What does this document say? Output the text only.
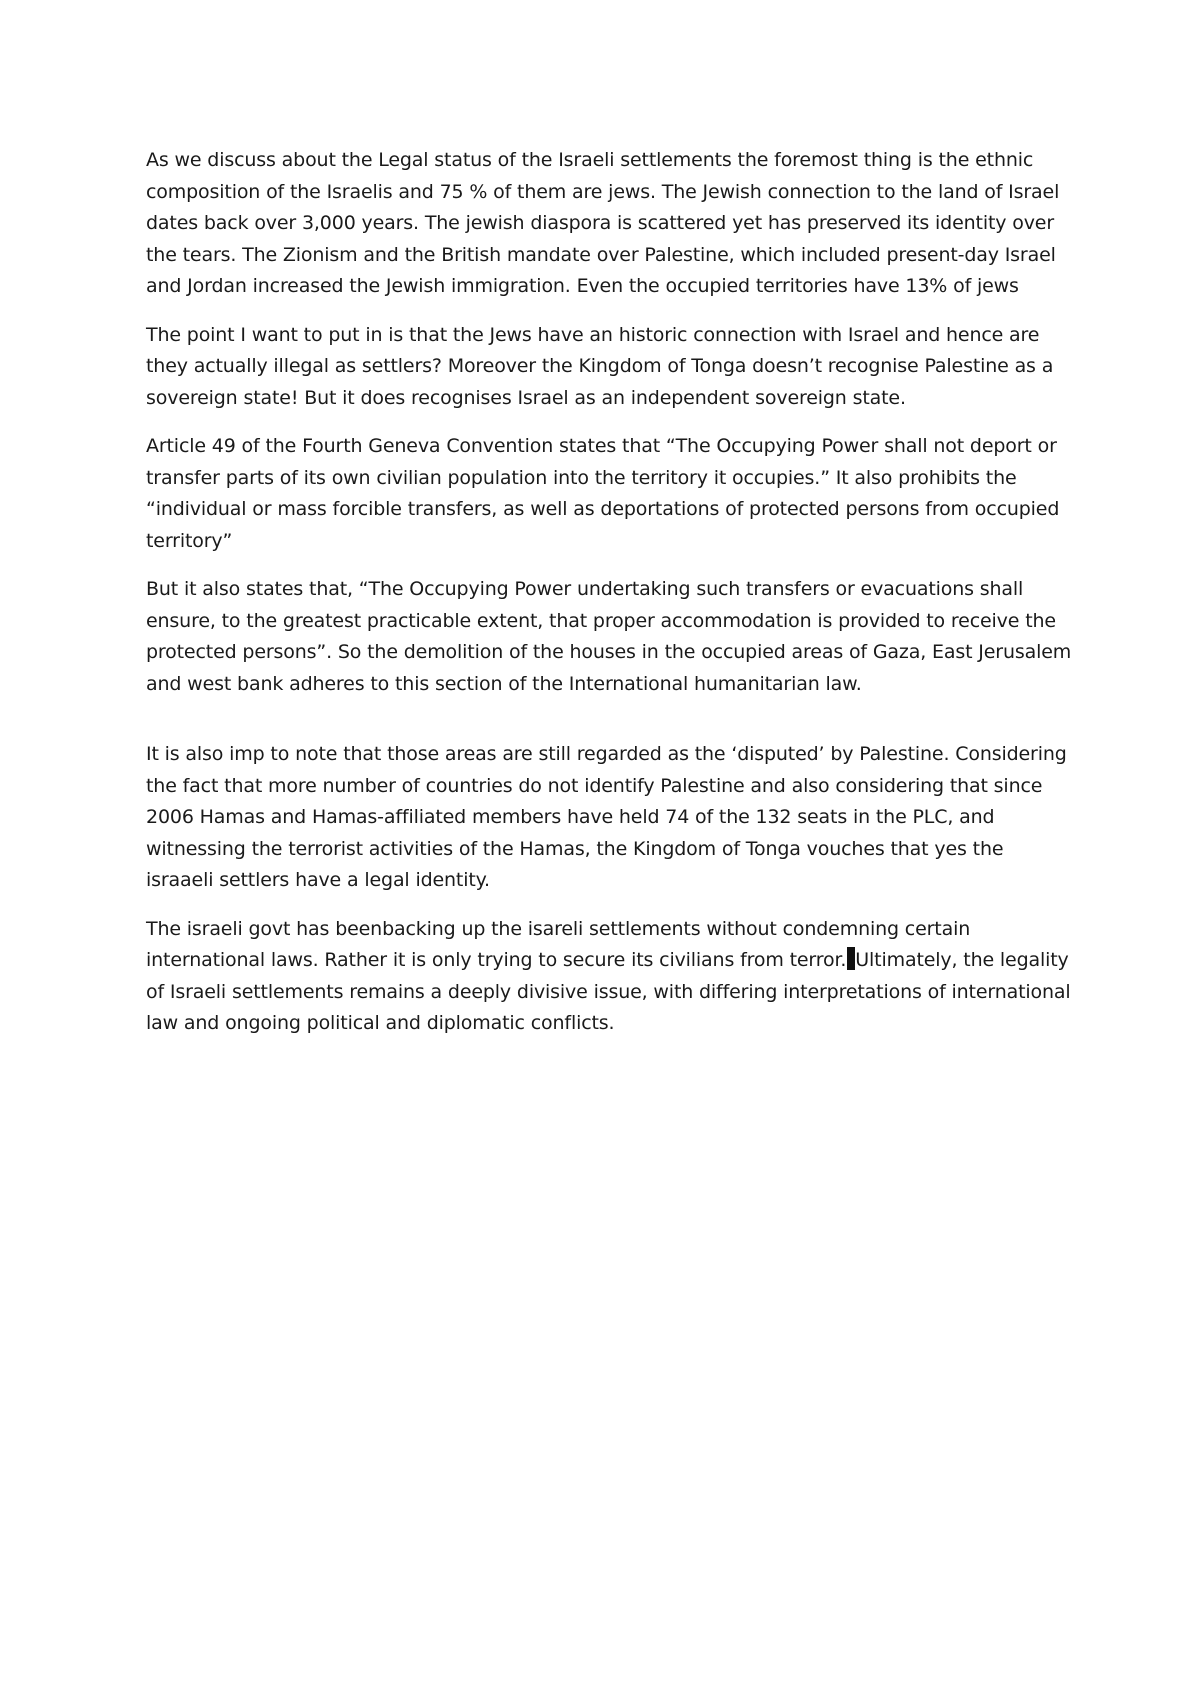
As we discuss about the Legal status of the Israeli settlements the foremost thing is the ethnic composition of the Israelis and 75 % of them are jews. The Jewish connection to the land of Israel dates back over 3,000 years. The jewish diaspora is scattered yet has preserved its identity over the tears. The Zionism and the British mandate over Palestine, which included present-day Israel and Jordan increased the Jewish immigration. Even the occupied territories have 13% of jews

The point I want to put in is that the Jews have an historic connection with Israel and hence are they actually illegal as settlers? Moreover the Kingdom of Tonga doesn’t recognise Palestine as a sovereign state! But it does recognises Israel as an independent sovereign state.

Article 49 of the Fourth Geneva Convention states that “The Occupying Power shall not deport or transfer parts of its own civilian population into the territory it occupies.” It also prohibits the “individual or mass forcible transfers, as well as deportations of protected persons from occupied territory”

But it also states that, “The Occupying Power undertaking such transfers or evacuations shall ensure, to the greatest practicable extent, that proper accommodation is provided to receive the protected persons”. So the demolition of the houses in the occupied areas of Gaza, East Jerusalem and west bank adheres to this section of the International humanitarian law.

It is also imp to note that those areas are still regarded as the ‘disputed’ by Palestine. Considering the fact that more number of countries do not identify Palestine and also considering that since 2006 Hamas and Hamas-affiliated members have held 74 of the 132 seats in the PLC, and witnessing the terrorist activities of the Hamas, the Kingdom of Tonga vouches that yes the israaeli settlers have a legal identity.

The israeli govt has beenbacking up the isareli settlements without condemning certain international laws. Rather it is only trying to secure its civilians from terror. Ultimately, the legality of Israeli settlements remains a deeply divisive issue, with differing interpretations of international law and ongoing political and diplomatic conflicts.
